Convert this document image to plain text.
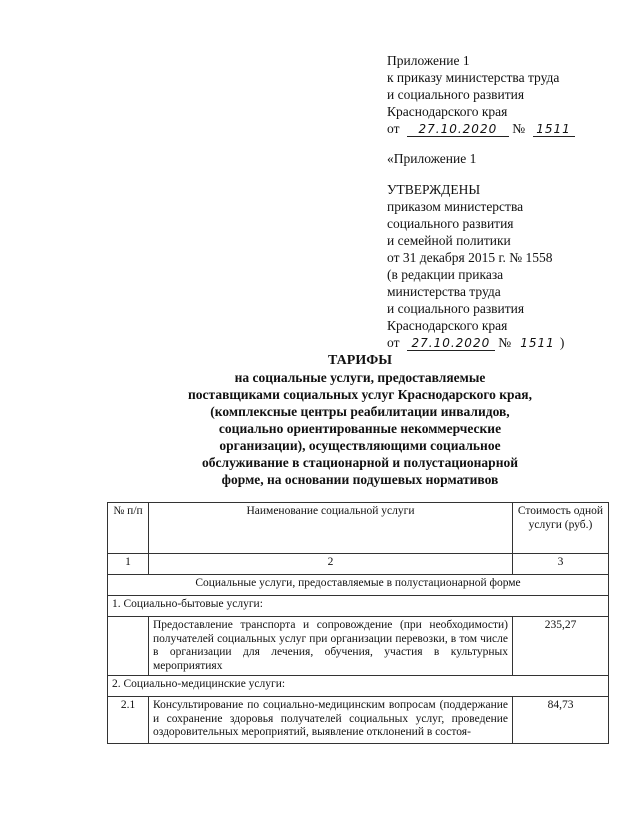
Приложение 1
к приказу министерства труда
и социального развития
Краснодарского края
от 27.10.2020 № 1511
«Приложение 1
УТВЕРЖДЕНЫ
приказом министерства
социального развития
и семейной политики
от 31 декабря 2015 г. № 1558
(в редакции приказа
министерства труда
и социального развития
Краснодарского края
от 27.10.2020 № 1511 )
ТАРИФЫ
на социальные услуги, предоставляемые
поставщиками социальных услуг Краснодарского края,
(комплексные центры реабилитации инвалидов,
социально ориентированные некоммерческие
организации), осуществляющими социальное
обслуживание в стационарной и полустационарной
форме, на основании подушевых нормативов
№ п/п	Наименование социальной услуги	Стоимость одной услуги (руб.)
1	2	3
Социальные услуги, предоставляемые в полустационарной форме		
1. Социально-бытовые услуги:		
	Предоставление транспорта и сопровождение (при необходимости) получателей социальных услуг при организации перевозки, в том числе в организации для лечения, обучения, участия в культурных мероприятиях	235,27
2. Социально-медицинские услуги:		
2.1	Консультирование по социально-медицинским вопросам (поддержание и сохранение здоровья получателей социальных услуг, проведение оздоровительных мероприятий, выявление отклонений в состоя-	84,73
